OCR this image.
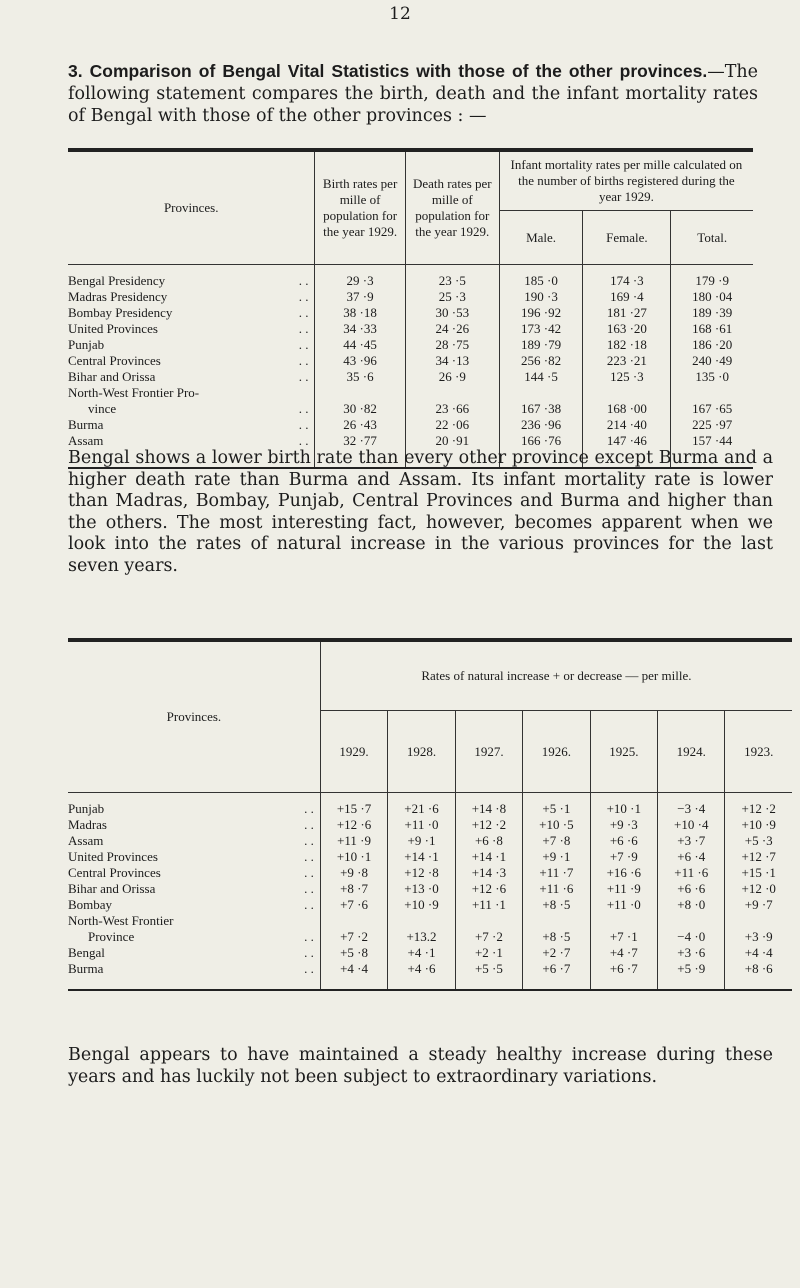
12
3. Comparison of Bengal Vital Statistics with those of the other provinces.—The following statement compares the birth, death and the infant mortality rates of Bengal with those of the other provinces : —
Provinces.	Birth rates per mille of population for the year 1929.	Death rates per mille of population for the year 1929.	Infant mortality rates per mille calculated on the number of births registered during the year 1929.		
			Male.	Female.	Total.

Bengal Presidency . .	29 ·3	23 ·5	185 ·0	174 ·3	179 ·9
Madras Presidency . .	37 ·9	25 ·3	190 ·3	169 ·4	180 ·04
Bombay Presidency . .	38 ·18	30 ·53	196 ·92	181 ·27	189 ·39
United Provinces . .	34 ·33	24 ·26	173 ·42	163 ·20	168 ·61
Punjab . .	44 ·45	28 ·75	189 ·79	182 ·18	186 ·20
Central Provinces . .	43 ·96	34 ·13	256 ·82	223 ·21	240 ·49
Bihar and Orissa . .	35 ·6	26 ·9	144 ·5	125 ·3	135 ·0
North-West Frontier Pro-					
vince . .	30 ·82	23 ·66	167 ·38	168 ·00	167 ·65
Burma . .	26 ·43	22 ·06	236 ·96	214 ·40	225 ·97
Assam . .	32 ·77	20 ·91	166 ·76	147 ·46	157 ·44

Bengal shows a lower birth rate than every other province except Burma and a higher death rate than Burma and Assam. Its infant mortality rate is lower than Madras, Bombay, Punjab, Central Provinces and Burma and higher than the others. The most interesting fact, however, becomes apparent when we look into the rates of natural increase in the various provinces for the last seven years.
Provinces.	Rates of natural increase + or decrease — per mille.						
	1929.	1928.	1927.	1926.	1925.	1924.	1923.

Punjab . .	+15 ·7	+21 ·6	+14 ·8	+5 ·1	+10 ·1	−3 ·4	+12 ·2
Madras . .	+12 ·6	+11 ·0	+12 ·2	+10 ·5	+9 ·3	+10 ·4	+10 ·9
Assam . .	+11 ·9	+9 ·1	+6 ·8	+7 ·8	+6 ·6	+3 ·7	+5 ·3
United Provinces . .	+10 ·1	+14 ·1	+14 ·1	+9 ·1	+7 ·9	+6 ·4	+12 ·7
Central Provinces . .	+9 ·8	+12 ·8	+14 ·3	+11 ·7	+16 ·6	+11 ·6	+15 ·1
Bihar and Orissa . .	+8 ·7	+13 ·0	+12 ·6	+11 ·6	+11 ·9	+6 ·6	+12 ·0
Bombay . .	+7 ·6	+10 ·9	+11 ·1	+8 ·5	+11 ·0	+8 ·0	+9 ·7
North-West Frontier							
Province . .	+7 ·2	+13.2	+7 ·2	+8 ·5	+7 ·1	−4 ·0	+3 ·9
Bengal . .	+5 ·8	+4 ·1	+2 ·1	+2 ·7	+4 ·7	+3 ·6	+4 ·4
Burma . .	+4 ·4	+4 ·6	+5 ·5	+6 ·7	+6 ·7	+5 ·9	+8 ·6

Bengal appears to have maintained a steady healthy increase during these years and has luckily not been subject to extraordinary variations.
